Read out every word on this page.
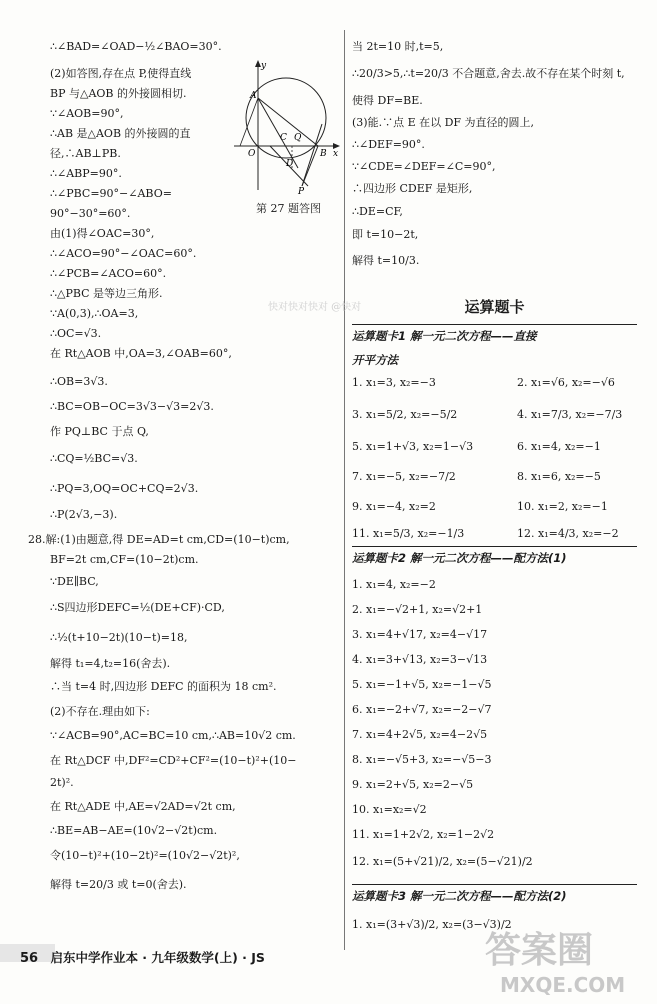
∴∠BAD=∠OAD−½∠BAO=30°.
(2)如答图,存在点 P,使得直线
BP 与△AOB 的外接圆相切.
∵∠AOB=90°,
∴AB 是△AOB 的外接圆的直
径,∴AB⊥PB.
∴∠ABP=90°.
∴∠PBC=90°−∠ABO=
90°−30°=60°.
由(1)得∠OAC=30°,
∴∠ACO=90°−∠OAC=60°.
∴∠PCB=∠ACO=60°.
∴△PBC 是等边三角形.
∵A(0,3),∴OA=3,
∴OC=√3.
在 Rt△AOB 中,OA=3,∠OAB=60°,
∴OB=3√3.
∴BC=OB−OC=3√3−√3=2√3.
作 PQ⊥BC 于点 Q,
∴CQ=½BC=√3.
∴PQ=3,OQ=OC+CQ=2√3.
∴P(2√3,−3).
28.解:(1)由题意,得 DE=AD=t cm,CD=(10−t)cm,
BF=2t cm,CF=(10−2t)cm.
∵DE∥BC,
∴S四边形DEFC=½(DE+CF)·CD,
∴½(t+10−2t)(10−t)=18,
解得 t₁=4,t₂=16(舍去).
∴当 t=4 时,四边形 DEFC 的面积为 18 cm².
(2)不存在.理由如下:
∵∠ACB=90°,AC=BC=10 cm,∴AB=10√2 cm.
在 Rt△DCF 中,DF²=CD²+CF²=(10−t)²+(10−
2t)².
在 Rt△ADE 中,AE=√2AD=√2t cm,
∴BE=AB−AE=(10√2−√2t)cm.
令(10−t)²+(10−2t)²=(10√2−√2t)²,
解得 t=20/3 或 t=0(舍去).
运算题卡
当 2t=10 时,t=5,
∴20/3>5,∴t=20/3 不合题意,舍去.故不存在某个时刻 t,
使得 DF=BE.
(3)能.∵点 E 在以 DF 为直径的圆上,
∴∠DEF=90°.
∵∠CDE=∠DEF=∠C=90°,
∴四边形 CDEF 是矩形,
∴DE=CF,
即 t=10−2t,
解得 t=10/3.
1. x₁=3, x₂=−3	2. x₁=√6, x₂=−√6
3. x₁=5/2, x₂=−5/2	4. x₁=7/3, x₂=−7/3
5. x₁=1+√3, x₂=1−√3	6. x₁=4, x₂=−1
7. x₁=−5, x₂=−7/2	8. x₁=6, x₂=−5
9. x₁=−4, x₂=2	10. x₁=2, x₂=−1
11. x₁=5/3, x₂=−1/3	12. x₁=4/3, x₂=−2
1. x₁=4, x₂=−2
2. x₁=−√2+1, x₂=√2+1
3. x₁=4+√17, x₂=4−√17
4. x₁=3+√13, x₂=3−√13
5. x₁=−1+√5, x₂=−1−√5
6. x₁=−2+√7, x₂=−2−√7
7. x₁=4+2√5, x₂=4−2√5
8. x₁=−√5+3, x₂=−√5−3
9. x₁=2+√5, x₂=2−√5
10. x₁=x₂=√2
11. x₁=1+2√2, x₂=1−2√2
12. x₁=(5+√21)/2, x₂=(5−√21)/2
1. x₁=(3+√3)/2, x₂=(3−√3)/2
运算题卡1 解一元二次方程——直接
开平方法
运算题卡2 解一元二次方程——配方法(1)
运算题卡3 解一元二次方程——配方法(2)
y
A
C Q
O	B x
D
P
第 27 题答图
快对快对快对 @快对
56 启东中学作业本 · 九年级数学(上) · JS	答案圈
MXQE.COM
